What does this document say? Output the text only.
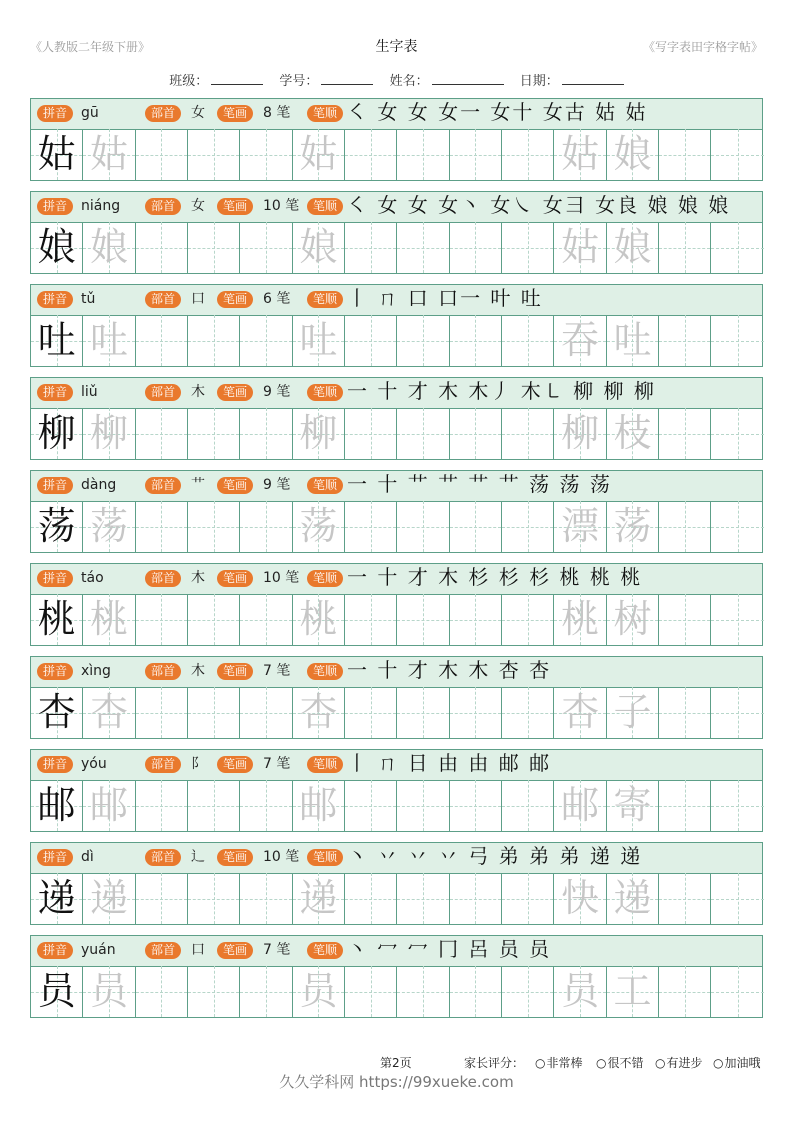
《人教版二年级下册》	生字表	《写字表田字格字帖》
班级：	学号：	姓名：	日期：
拼音 gū	部首	女	笔画	8 笔	笔顺 ㇛ 女 女 女一 女十 女古 姑 姑
姑 姑	姑	姑 娘
拼音 niáng	部首	女	笔画	10 笔	笔顺 ㇛ 女 女 女丶 女㇏ 女彐 女良 娘 娘 娘
娘 娘	娘	姑 娘
拼音 tǔ	部首	口	笔画	6 笔	笔顺 丨 ㄇ 口 口一 叶 吐
吐 吐	吐	吞 吐
拼音 liǔ	部首	木	笔画	9 笔	笔顺 一 十 才 木 木丿 木㇄ 柳 柳 柳
柳 柳	柳	柳 枝
拼音 dàng	部首	艹	笔画	9 笔	笔顺 一 十 艹 艹 艹 艹 荡 荡 荡
荡 荡	荡	漂 荡
拼音 táo	部首	木	笔画	10 笔	笔顺 一 十 才 木 杉 杉 杉 桃 桃 桃
桃 桃	桃	桃 树
拼音 xìng	部首	木	笔画	7 笔	笔顺 一 十 才 木 木 杏 杏
杏 杏	杏	杏 子
拼音 yóu	部首	阝	笔画	7 笔	笔顺 丨 ㄇ 日 由 由 邮 邮
邮 邮	邮	邮 寄
拼音 dì	部首	辶	笔画	10 笔	笔顺 丶 丷 丷 丷 弓 弟 弟 弟 递 递
递 递	递	快 递
拼音 yuán	部首	口	笔画	7 笔	笔顺 丶 冖 冖 冂 呂 员 员
员 员	员	员 工
第2页	家长评分：	○ 非常棒	○ 很不错	○ 有进步	○ 加油哦
久久学科网 https://99xueke.com
